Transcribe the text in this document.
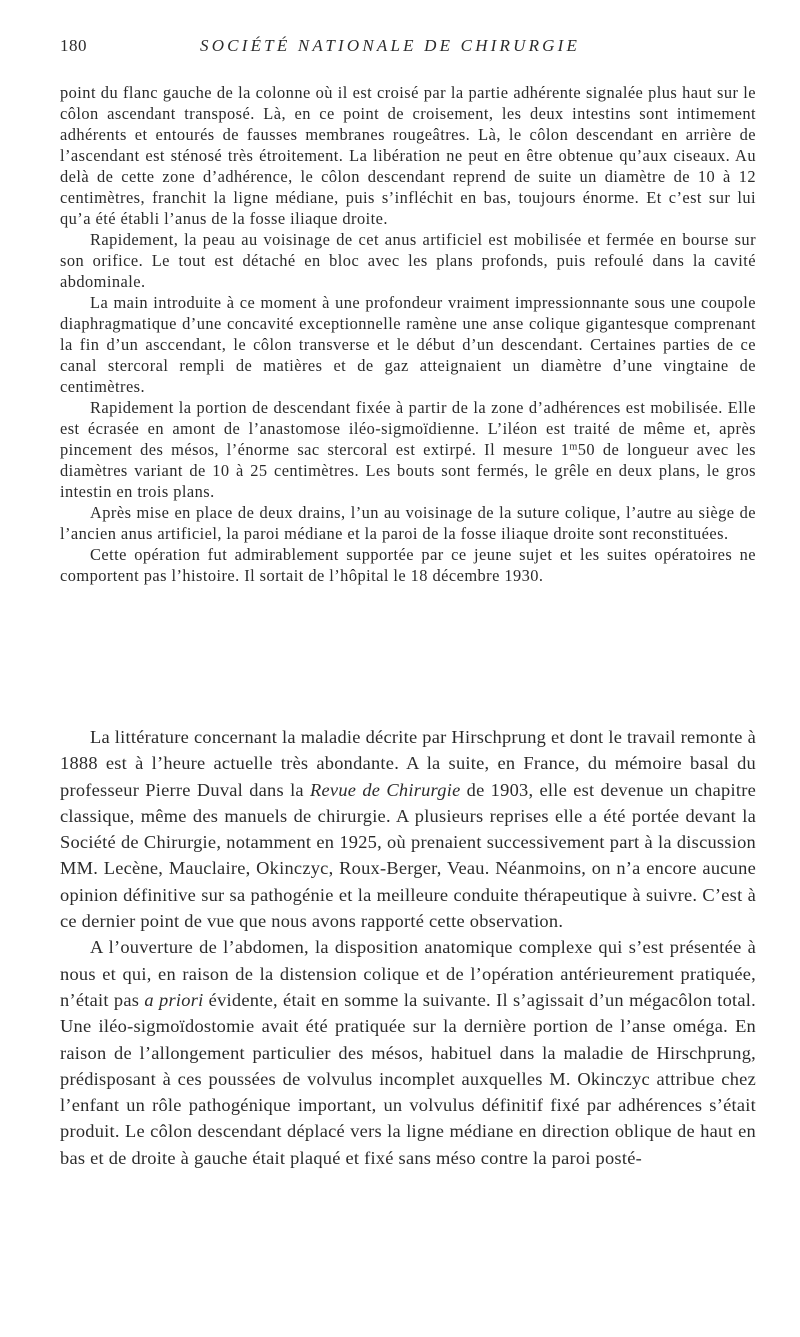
180	SOCIÉTÉ NATIONALE DE CHIRURGIE

point du flanc gauche de la colonne où il est croisé par la partie adhérente signalée plus haut sur le côlon ascendant transposé. Là, en ce point de croisement, les deux intestins sont intimement adhérents et entourés de fausses membranes rougeâtres. Là, le côlon descendant en arrière de l’ascendant est sténosé très étroitement. La libération ne peut en être obtenue qu’aux ciseaux. Au delà de cette zone d’adhérence, le côlon descendant reprend de suite un diamètre de 10 à 12 centimètres, franchit la ligne médiane, puis s’infléchit en bas, toujours énorme. Et c’est sur lui qu’a été établi l’anus de la fosse iliaque droite.

Rapidement, la peau au voisinage de cet anus artificiel est mobilisée et fermée en bourse sur son orifice. Le tout est détaché en bloc avec les plans profonds, puis refoulé dans la cavité abdominale.

La main introduite à ce moment à une profondeur vraiment impressionnante sous une coupole diaphragmatique d’une concavité exceptionnelle ramène une anse colique gigantesque comprenant la fin d’un asccendant, le côlon transverse et le début d’un descendant. Certaines parties de ce canal stercoral rempli de matières et de gaz atteignaient un diamètre d’une vingtaine de centimètres.

Rapidement la portion de descendant fixée à partir de la zone d’adhérences est mobilisée. Elle est écrasée en amont de l’anastomose iléo-sigmoïdienne. L’iléon est traité de même et, après pincement des mésos, l’énorme sac stercoral est extirpé. Il mesure 1$^m$50 de longueur avec les diamètres variant de 10 à 25 centimètres. Les bouts sont fermés, le grêle en deux plans, le gros intestin en trois plans.

Après mise en place de deux drains, l’un au voisinage de la suture colique, l’autre au siège de l’ancien anus artificiel, la paroi médiane et la paroi de la fosse iliaque droite sont reconstituées.

Cette opération fut admirablement supportée par ce jeune sujet et les suites opératoires ne comportent pas l’histoire. Il sortait de l’hôpital le 18 décembre 1930.

La littérature concernant la maladie décrite par Hirschprung et dont le travail remonte à 1888 est à l’heure actuelle très abondante. A la suite, en France, du mémoire basal du professeur Pierre Duval dans la Revue de Chirurgie de 1903, elle est devenue un chapitre classique, même des manuels de chirurgie. A plusieurs reprises elle a été portée devant la Société de Chirurgie, notamment en 1925, où prenaient successivement part à la discussion MM. Lecène, Mauclaire, Okinczyc, Roux-Berger, Veau. Néanmoins, on n’a encore aucune opinion définitive sur sa pathogénie et la meilleure conduite thérapeutique à suivre. C’est à ce dernier point de vue que nous avons rapporté cette observation.

A l’ouverture de l’abdomen, la disposition anatomique complexe qui s’est présentée à nous et qui, en raison de la distension colique et de l’opération antérieurement pratiquée, n’était pas a priori évidente, était en somme la suivante. Il s’agissait d’un mégacôlon total. Une iléo-sigmoïdostomie avait été pratiquée sur la dernière portion de l’anse oméga. En raison de l’allongement particulier des mésos, habituel dans la maladie de Hirschprung, prédisposant à ces poussées de volvulus incomplet auxquelles M. Okinczyc attribue chez l’enfant un rôle pathogénique important, un volvulus définitif fixé par adhérences s’était produit. Le côlon descendant déplacé vers la ligne médiane en direction oblique de haut en bas et de droite à gauche était plaqué et fixé sans méso contre la paroi posté-
